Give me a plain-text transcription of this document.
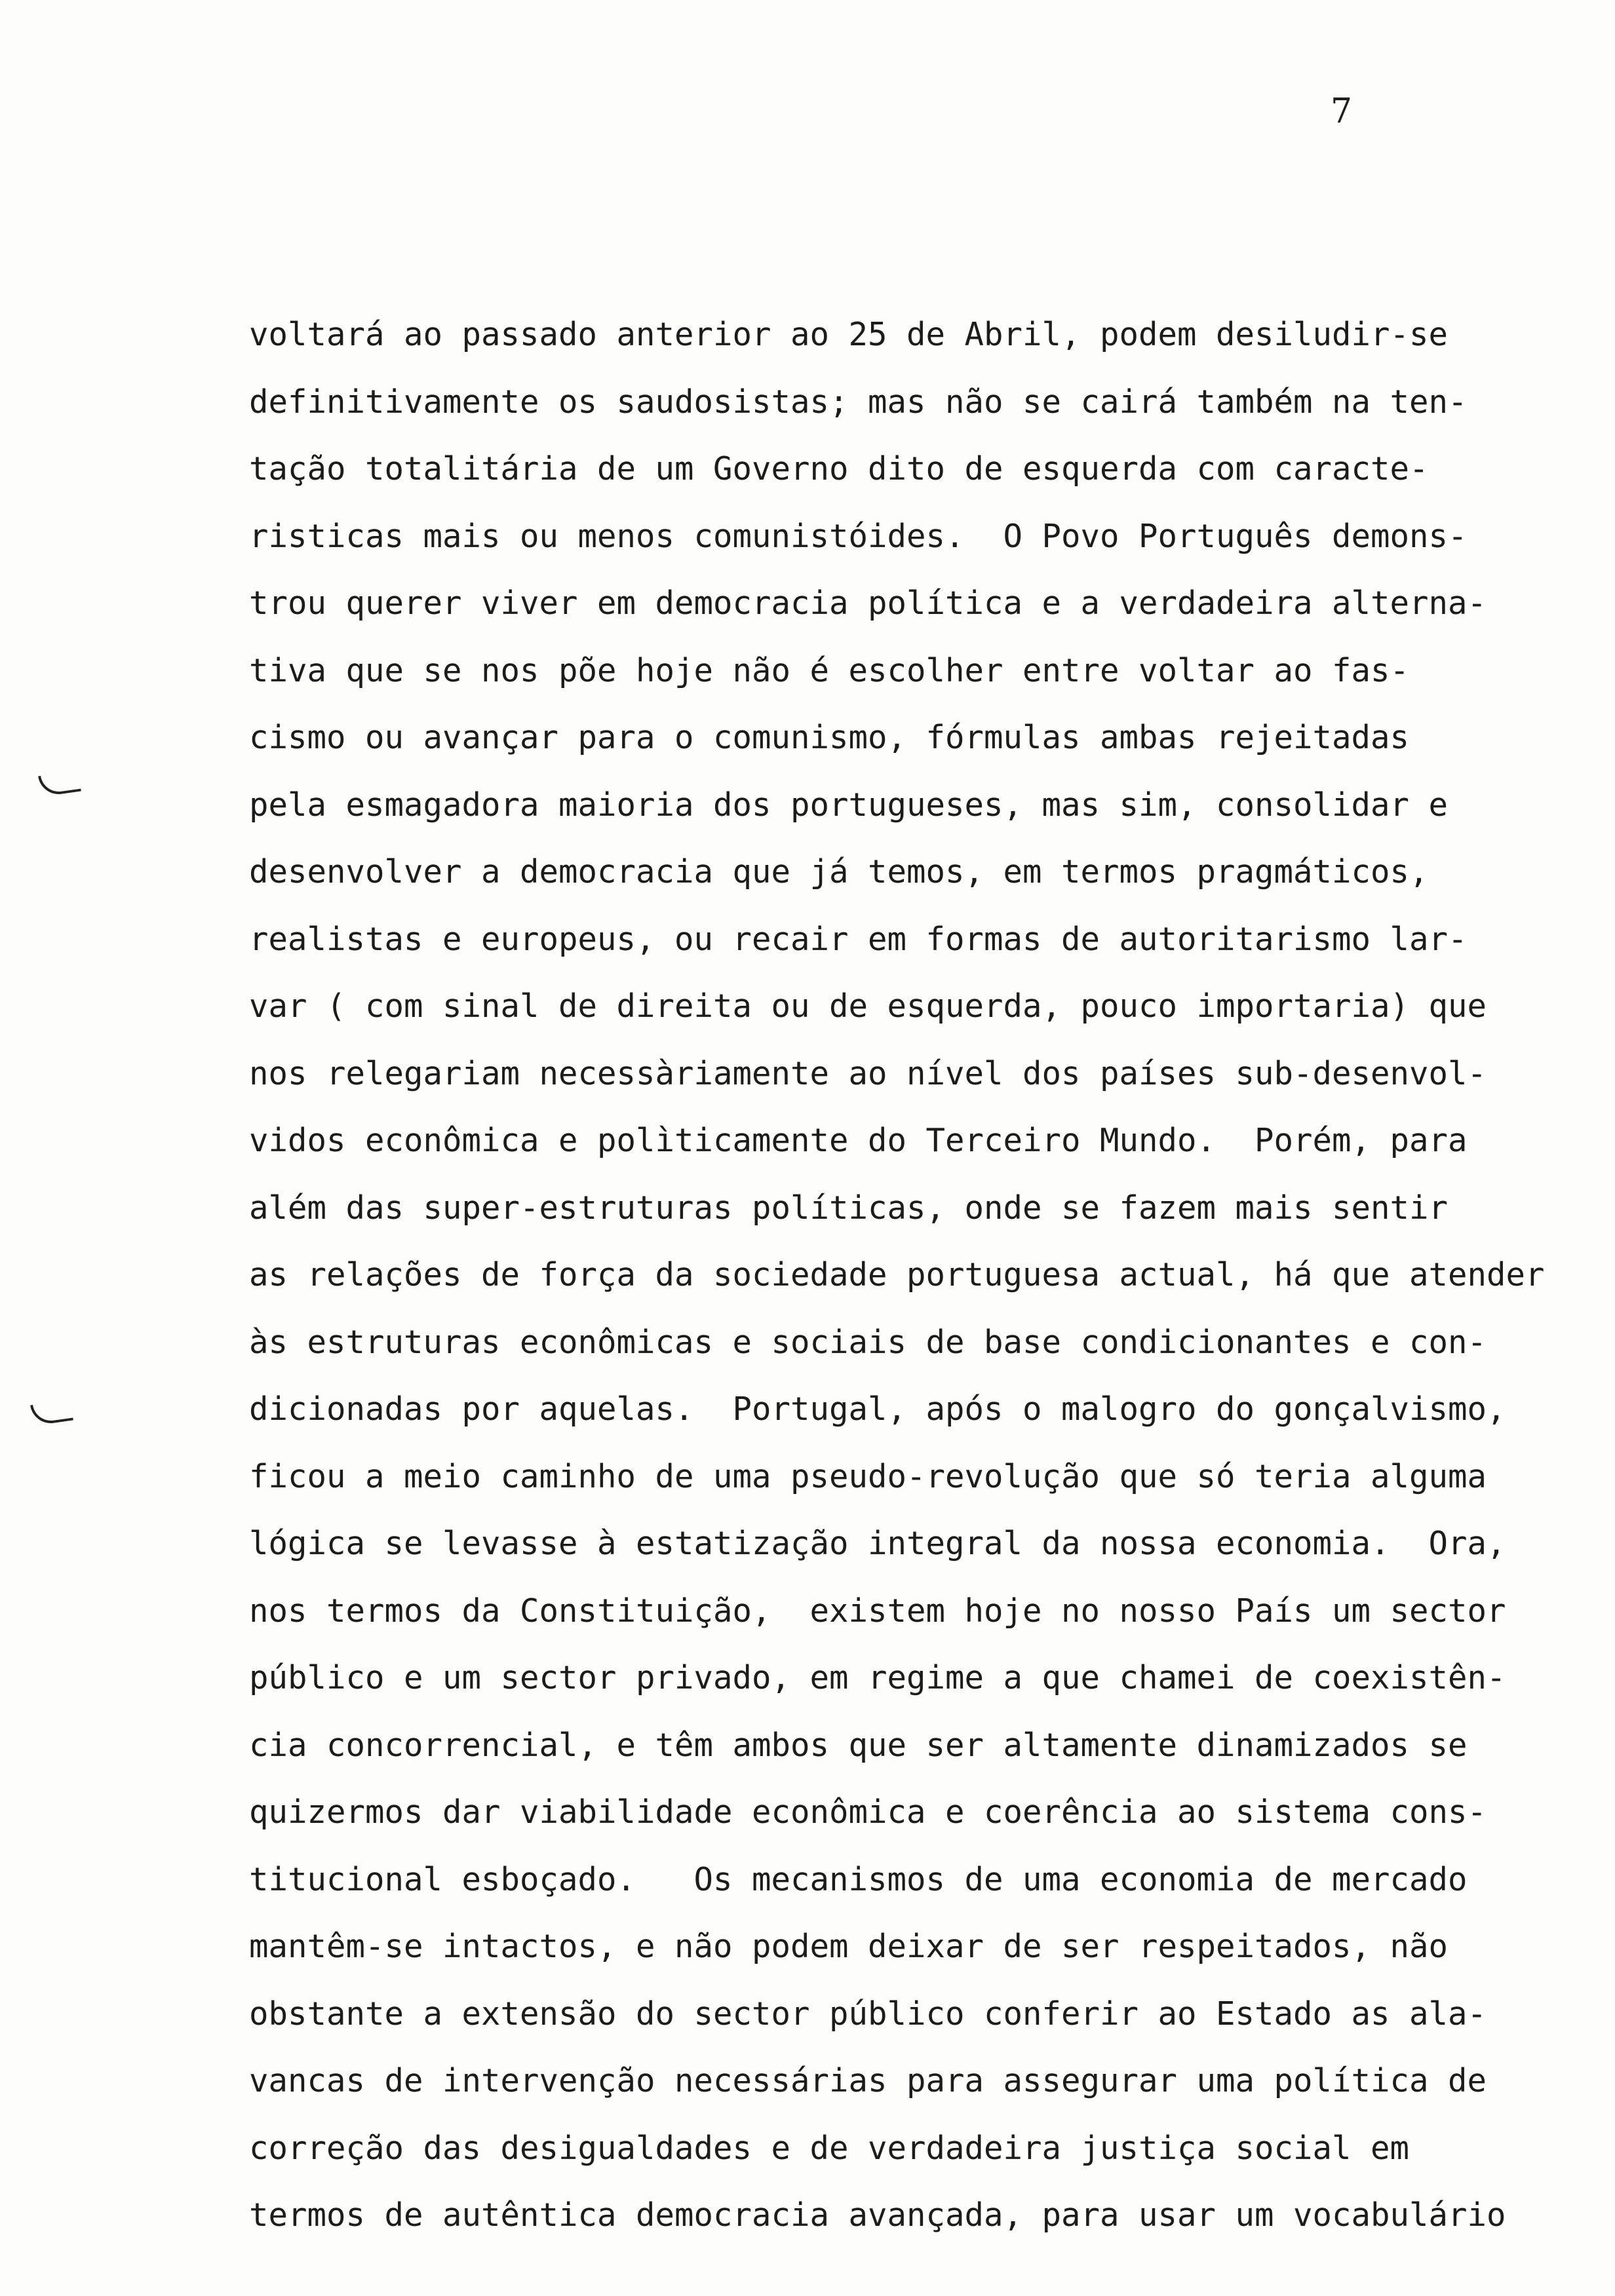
7
voltará ao passado anterior ao 25 de Abril, podem desiludir-se
definitivamente os saudosistas; mas não se cairá também na ten-
tação totalitária de um Governo dito de esquerda com caracte-
risticas mais ou menos comunistóides.  O Povo Português demons-
trou querer viver em democracia política e a verdadeira alterna-
tiva que se nos põe hoje não é escolher entre voltar ao fas-
cismo ou avançar para o comunismo, fórmulas ambas rejeitadas
pela esmagadora maioria dos portugueses, mas sim, consolidar e
desenvolver a democracia que já temos, em termos pragmáticos,
realistas e europeus, ou recair em formas de autoritarismo lar-
var ( com sinal de direita ou de esquerda, pouco importaria) que
nos relegariam necessàriamente ao nível dos países sub-desenvol-
vidos econômica e polìticamente do Terceiro Mundo.  Porém, para
além das super-estruturas políticas, onde se fazem mais sentir
as relações de força da sociedade portuguesa actual, há que atender
às estruturas econômicas e sociais de base condicionantes e con-
dicionadas por aquelas.  Portugal, após o malogro do gonçalvismo,
ficou a meio caminho de uma pseudo-revolução que só teria alguma
lógica se levasse à estatização integral da nossa economia.  Ora,
nos termos da Constituição,  existem hoje no nosso País um sector
público e um sector privado, em regime a que chamei de coexistên-
cia concorrencial, e têm ambos que ser altamente dinamizados se
quizermos dar viabilidade econômica e coerência ao sistema cons-
titucional esboçado.   Os mecanismos de uma economia de mercado
mantêm-se intactos, e não podem deixar de ser respeitados, não
obstante a extensão do sector público conferir ao Estado as ala-
vancas de intervenção necessárias para assegurar uma política de
correção das desigualdades e de verdadeira justiça social em
termos de autêntica democracia avançada, para usar um vocabulário
